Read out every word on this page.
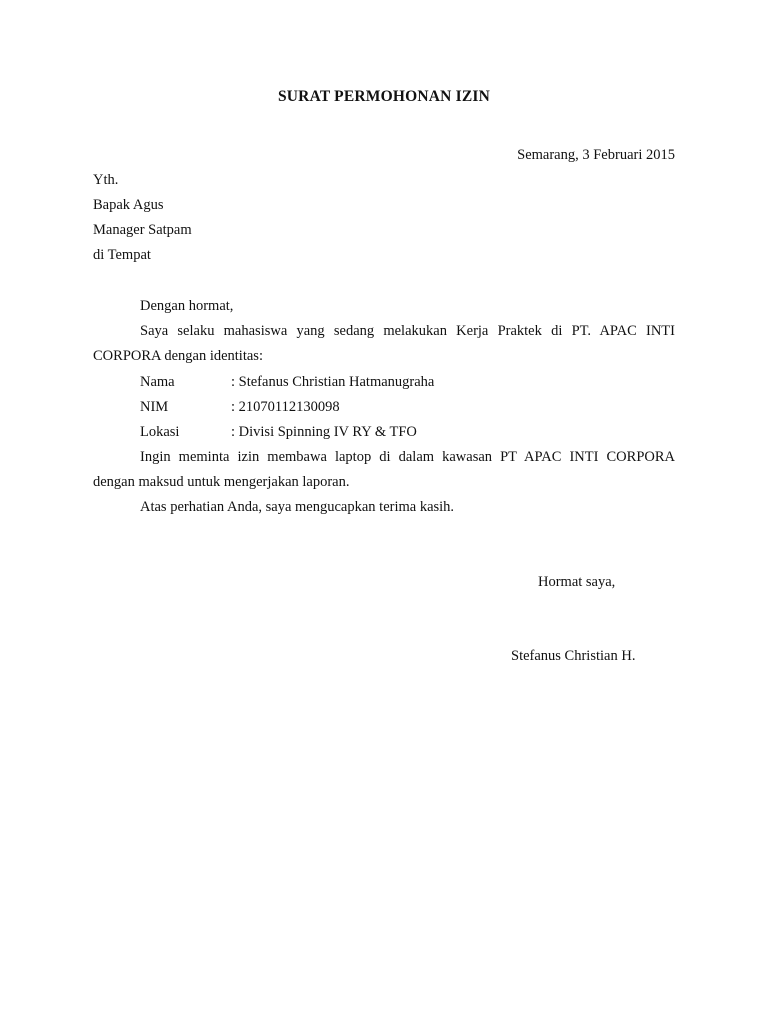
SURAT PERMOHONAN IZIN
Semarang, 3 Februari 2015
Yth.
Bapak Agus
Manager Satpam
di Tempat
Dengan hormat,
Saya selaku mahasiswa yang sedang melakukan Kerja Praktek di PT. APAC INTI
CORPORA dengan identitas:
Nama	: Stefanus Christian Hatmanugraha
NIM	: 21070112130098
Lokasi	: Divisi Spinning IV RY & TFO
Ingin meminta izin membawa laptop di dalam kawasan PT APAC INTI CORPORA
dengan maksud untuk mengerjakan laporan.
Atas perhatian Anda, saya mengucapkan terima kasih.
Hormat saya,
Stefanus Christian H.
